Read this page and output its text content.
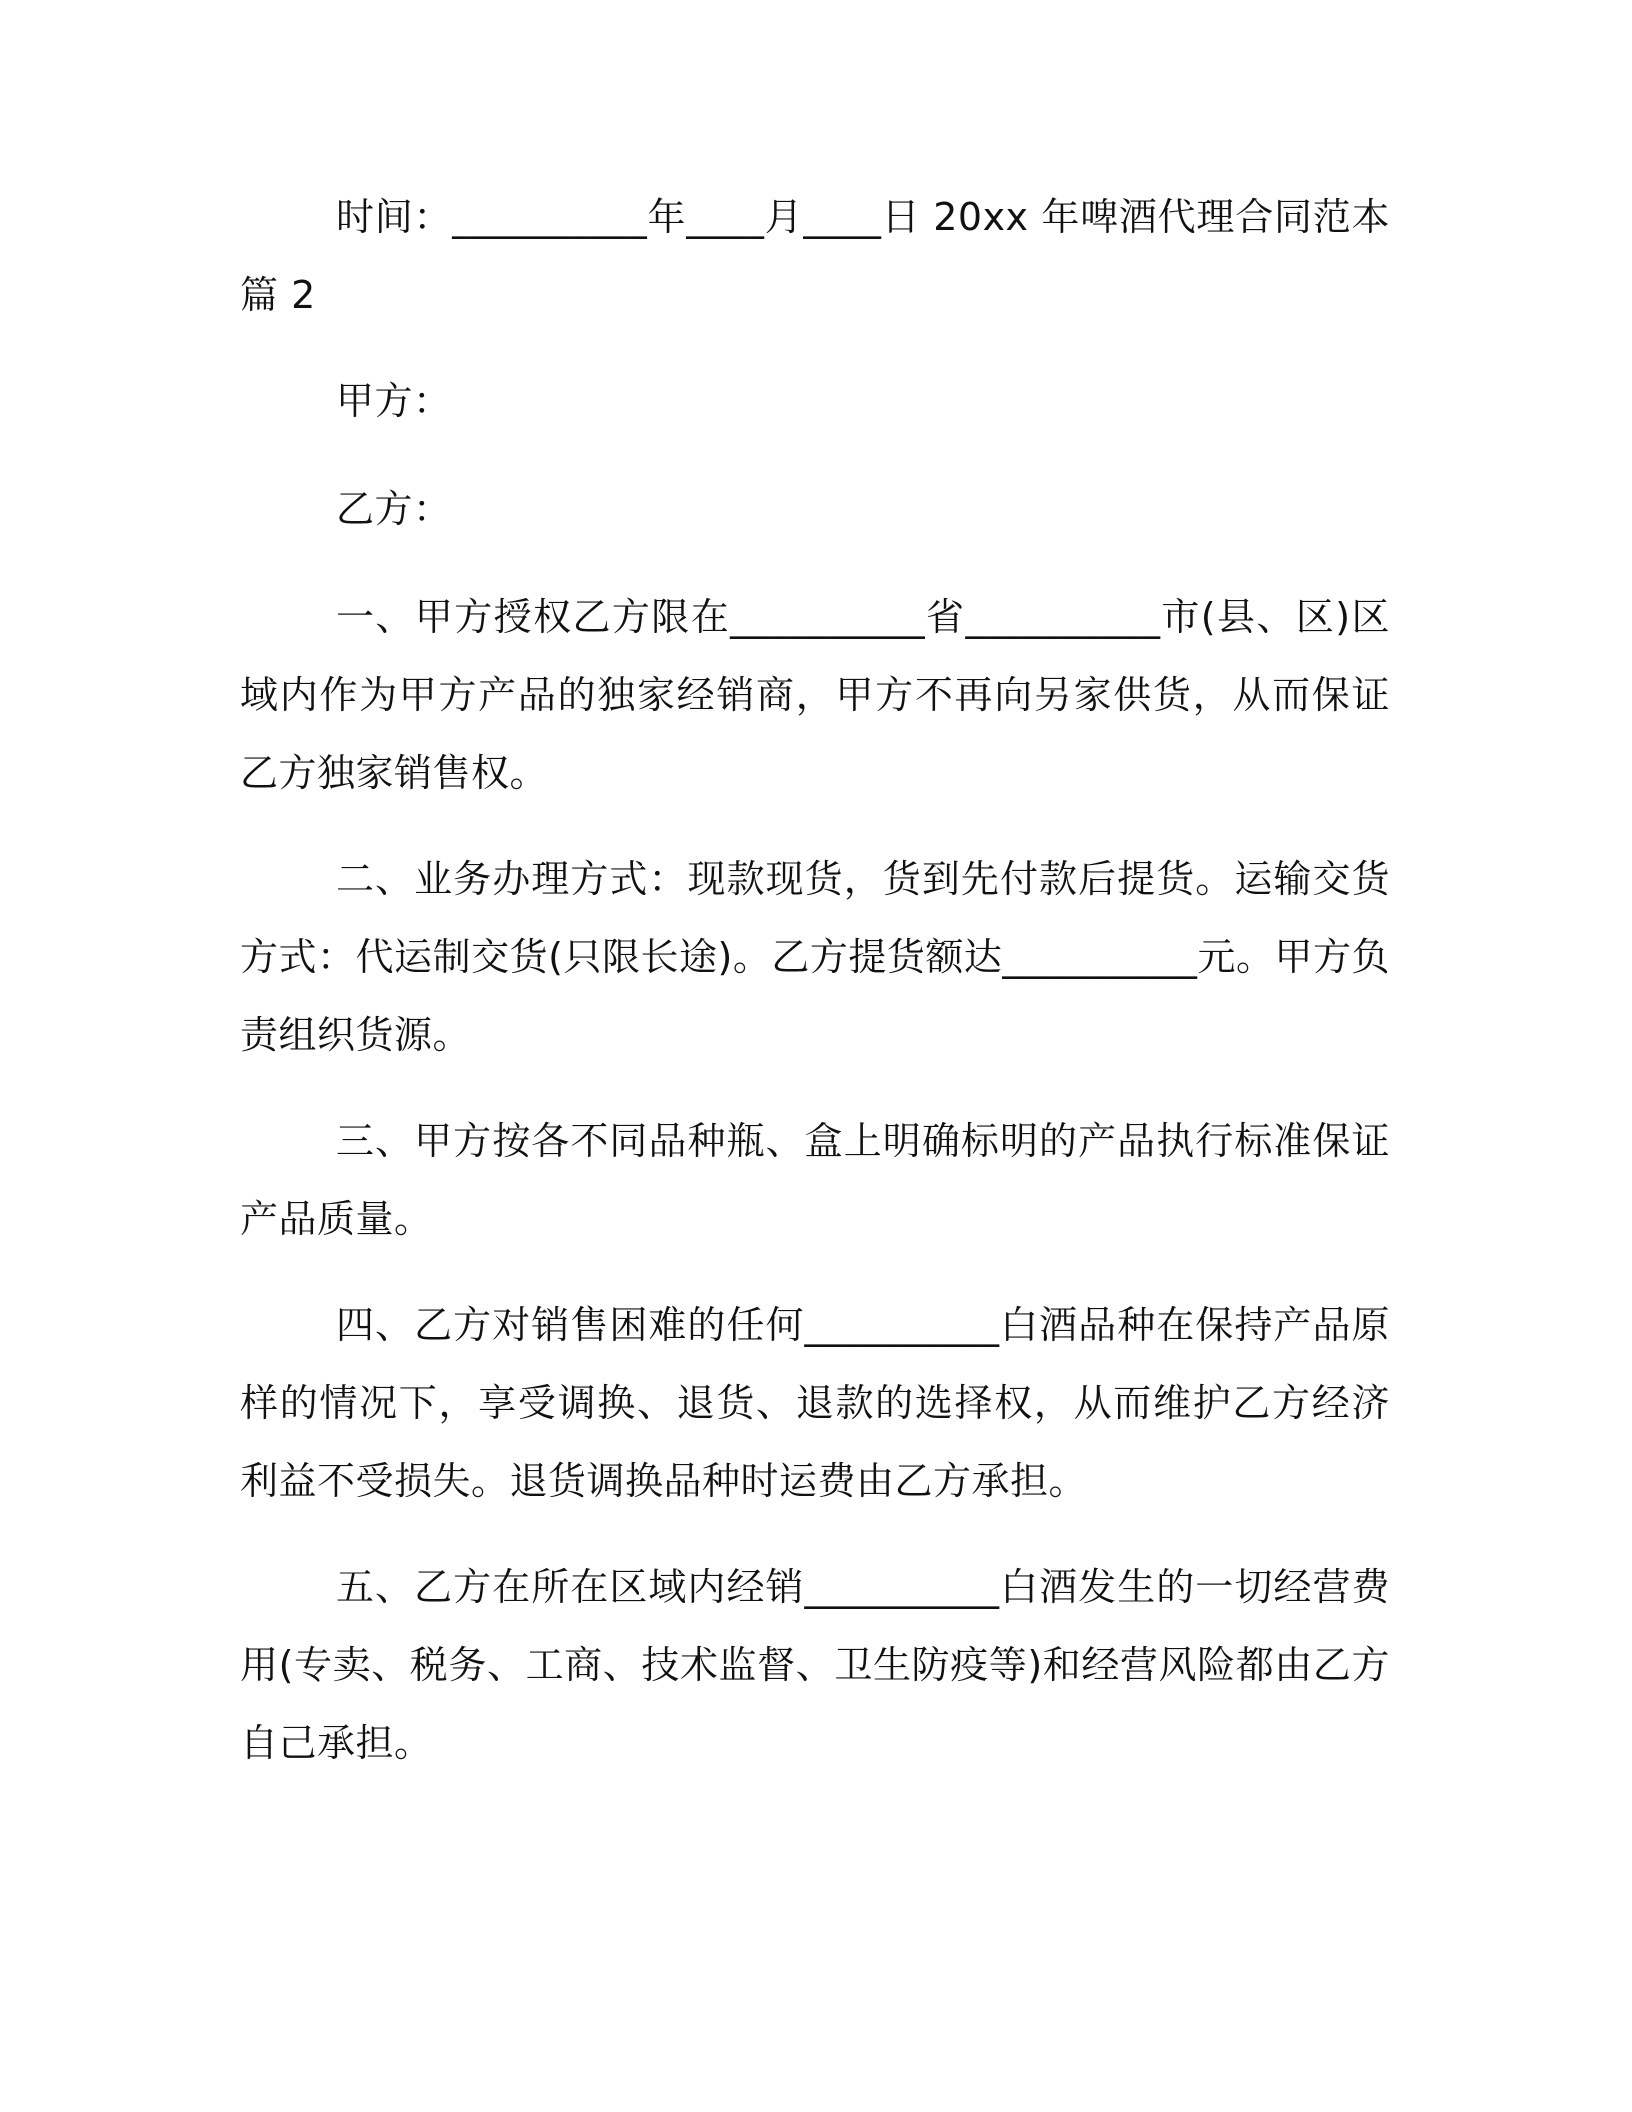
时间：__________年____月____日 20xx 年啤酒代理合同范本篇 2

甲方：

乙方：

一、甲方授权乙方限在__________省__________市(县、区)区域内作为甲方产品的独家经销商，甲方不再向另家供货，从而保证乙方独家销售权。

二、业务办理方式：现款现货，货到先付款后提货。运输交货方式：代运制交货(只限长途)。乙方提货额达__________元。甲方负责组织货源。

三、甲方按各不同品种瓶、盒上明确标明的产品执行标准保证产品质量。

四、乙方对销售困难的任何__________白酒品种在保持产品原样的情况下，享受调换、退货、退款的选择权，从而维护乙方经济利益不受损失。退货调换品种时运费由乙方承担。

五、乙方在所在区域内经销__________白酒发生的一切经营费用(专卖、税务、工商、技术监督、卫生防疫等)和经营风险都由乙方自己承担。
